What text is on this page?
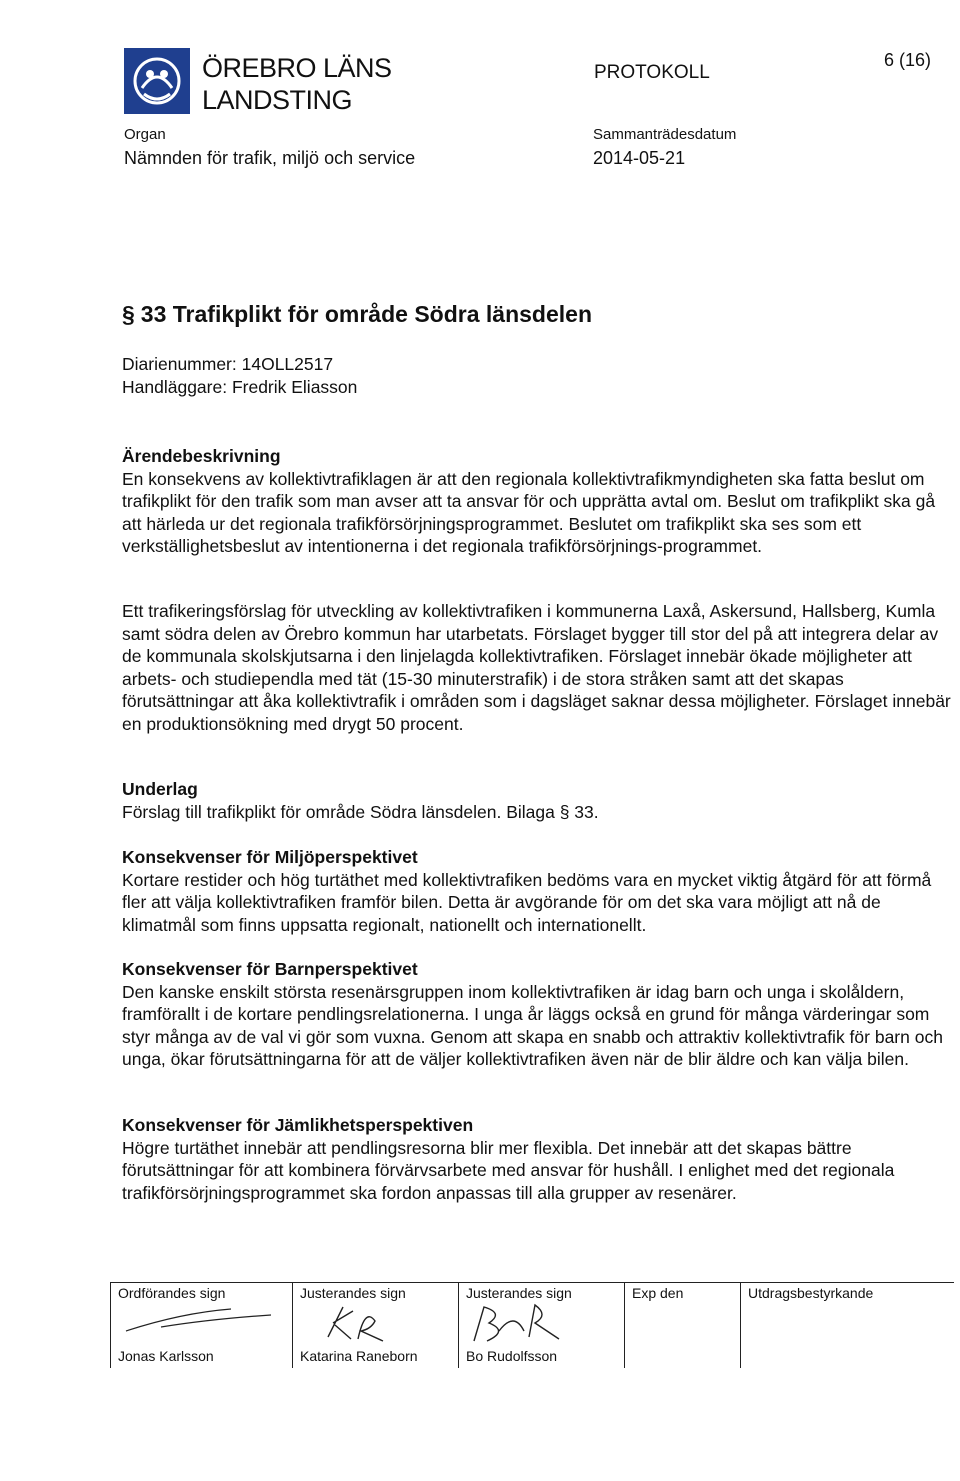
ÖREBRO LÄNS
LANDSTING
PROTOKOLL
6 (16)
Organ
Nämnden för trafik, miljö och service
Sammanträdesdatum
2014-05-21
§ 33 Trafikplikt för område Södra länsdelen
Diarienummer: 14OLL2517
Handläggare: Fredrik Eliasson

Ärendebeskrivning

En konsekvens av kollektivtrafiklagen är att den regionala kollektivtrafikmyndigheten ska fatta beslut om trafikplikt för den trafik som man avser att ta ansvar för och upprätta avtal om. Beslut om trafikplikt ska gå att härleda ur det regionala trafikförsörjningsprogrammet. Beslutet om trafikplikt ska ses som ett verkställighetsbeslut av intentionerna i det regionala trafikförsörjnings-programmet.

Ett trafikeringsförslag för utveckling av kollektivtrafiken i kommunerna Laxå, Askersund, Hallsberg, Kumla samt södra delen av Örebro kommun har utarbetats. Förslaget bygger till stor del på att integrera delar av de kommunala skolskjutsarna i den linjelagda kollektivtrafiken. Förslaget innebär ökade möjligheter att arbets- och studiependla med tät (15-30 minuterstrafik) i de stora stråken samt att det skapas förutsättningar att åka kollektivtrafik i områden som i dagsläget saknar dessa möjligheter. Förslaget innebär en produktionsökning med drygt 50 procent.

Underlag

Förslag till trafikplikt för område Södra länsdelen. Bilaga § 33.

Konsekvenser för Miljöperspektivet

Kortare restider och hög turtäthet med kollektivtrafiken bedöms vara en mycket viktig åtgärd för att förmå fler att välja kollektivtrafiken framför bilen. Detta är avgörande för om det ska vara möjligt att nå de klimatmål som finns uppsatta regionalt, nationellt och internationellt.

Konsekvenser för Barnperspektivet

Den kanske enskilt största resenärsgruppen inom kollektivtrafiken är idag barn och unga i skolåldern, framförallt i de kortare pendlingsrelationerna. I unga år läggs också en grund för många värderingar som styr många av de val vi gör som vuxna. Genom att skapa en snabb och attraktiv kollektivtrafik för barn och unga, ökar förutsättningarna för att de väljer kollektivtrafiken även när de blir äldre och kan välja bilen.

Konsekvenser för Jämlikhetsperspektiven

Högre turtäthet innebär att pendlingsresorna blir mer flexibla. Det innebär att det skapas bättre förutsättningar för att kombinera förvärvsarbete med ansvar för hushåll. I enlighet med det regionala trafikförsörjningsprogrammet ska fordon anpassas till alla grupper av resenärer.

Ordförandes sign
Jonas Karlsson

Justerandes sign
Katarina Raneborn

Justerandes sign
Bo Rudolfsson

Exp den	Utdragsbestyrkande
